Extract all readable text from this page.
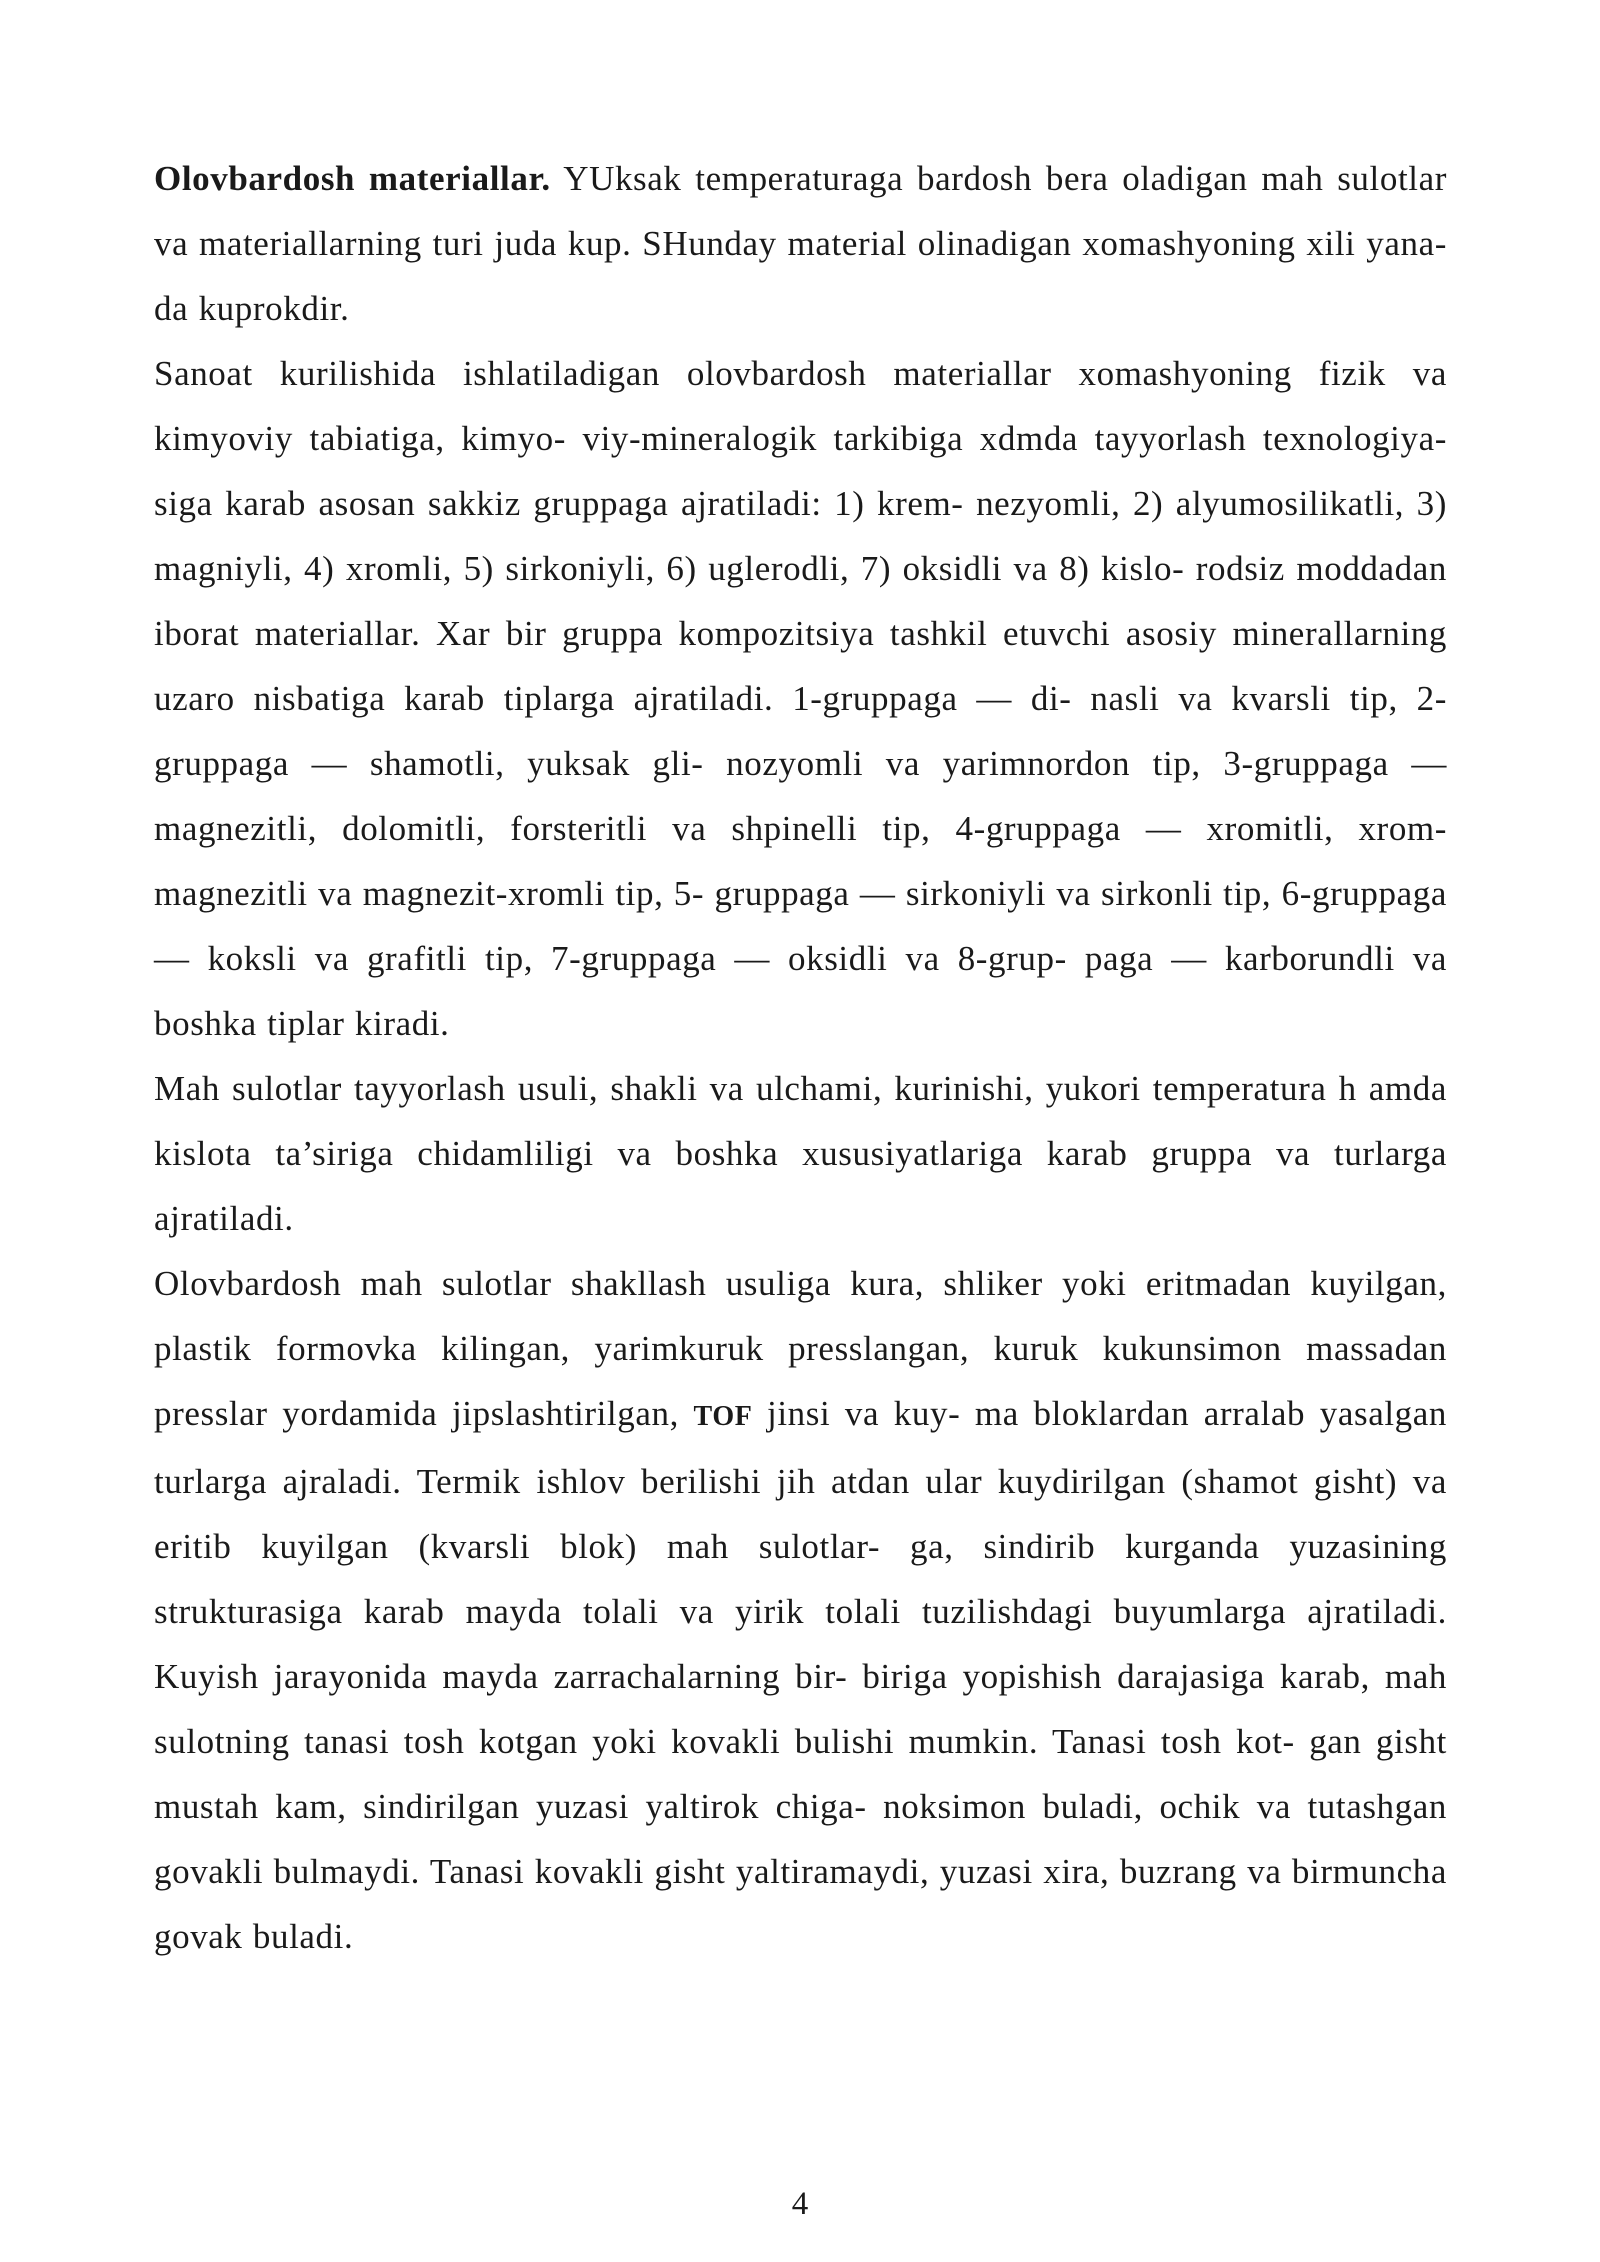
Olovbardosh materiallar. YUksak temperaturaga bardosh bera oladigan mah sulotlar va materiallarning turi juda kup. SHunday material olinadigan xomashyoning xili yana- da kuprokdir.

Sanoat kurilishida ishlatiladigan olovbardosh materiallar xomashyoning fizik va kimyoviy tabiatiga, kimyo- viy-mineralogik tarkibiga xdmda tayyorlash texnologiya- siga karab asosan sakkiz gruppaga ajratiladi: 1) krem- nezyomli, 2) alyumosilikatli, 3) magniyli, 4) xromli, 5) sirkoniyli, 6) uglerodli, 7) oksidli va 8) kislo- rodsiz moddadan iborat materiallar. Xar bir gruppa kompozitsiya tashkil etuvchi asosiy minerallarning uzaro nisbatiga karab tiplarga ajratiladi. 1-gruppaga — di- nasli va kvarsli tip, 2-gruppaga — shamotli, yuksak gli- nozyomli va yarimnordon tip, 3-gruppaga — magnezitli, dolomitli, forsteritli va shpinelli tip, 4-gruppaga — xromitli, xrom-magnezitli va magnezit-xromli tip, 5- gruppaga — sirkoniyli va sirkonli tip, 6-gruppaga — koksli va grafitli tip, 7-gruppaga — oksidli va 8-grup- paga — karborundli va boshka tiplar kiradi.

Mah sulotlar tayyorlash usuli, shakli va ulchami, kurinishi, yukori temperatura h amda kislota ta’siriga chidamliligi va boshka xususiyatlariga karab gruppa va turlarga ajratiladi.

Olovbardosh mah sulotlar shakllash usuliga kura, shliker yoki eritmadan kuyilgan, plastik formovka kilingan, yarimkuruk presslangan, kuruk kukunsimon massadan presslar yordamida jipslashtirilgan, TOF jinsi va kuy- ma bloklardan arralab yasalgan turlarga ajraladi. Termik ishlov berilishi jih atdan ular kuydirilgan (shamot gisht) va eritib kuyilgan (kvarsli blok) mah sulotlar- ga, sindirib kurganda yuzasining strukturasiga karab mayda tolali va yirik tolali tuzilishdagi buyumlarga ajratiladi. Kuyish jarayonida mayda zarrachalarning bir- biriga yopishish darajasiga karab, mah sulotning tanasi tosh kotgan yoki kovakli bulishi mumkin. Tanasi tosh kot- gan gisht mustah kam, sindirilgan yuzasi yaltirok chiga- noksimon buladi, ochik va tutashgan govakli bulmaydi. Tanasi kovakli gisht yaltiramaydi, yuzasi xira, buzrang va birmuncha govak buladi.

4
